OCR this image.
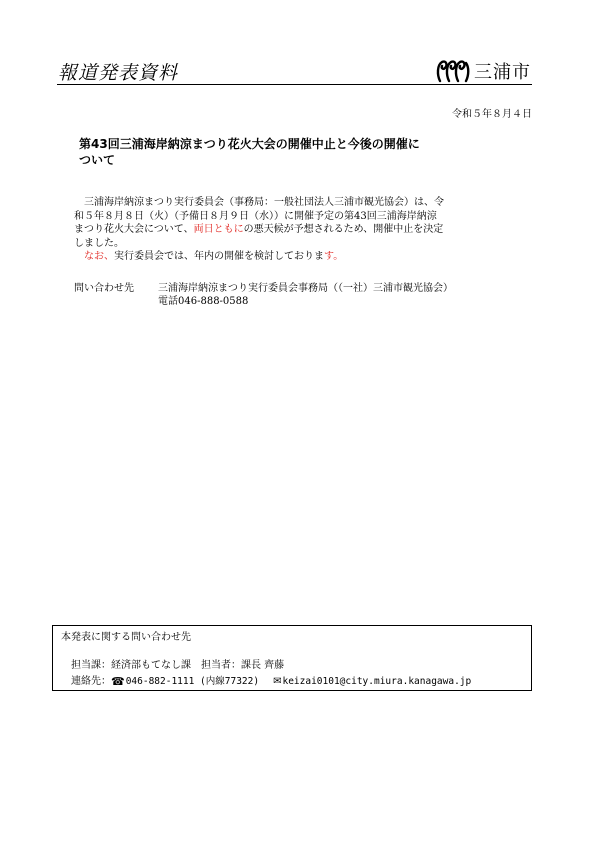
報道発表資料	三浦市
令和５年８月４日
第43回三浦海岸納涼まつり花火大会の開催中止と今後の開催に
ついて

三浦海岸納涼まつり実行委員会（事務局：一般社団法人三浦市観光協会）は、令

和５年８月８日（火）（予備日８月９日（水））に開催予定の第43回三浦海岸納涼

まつり花火大会について、両日ともにの悪天候が予想されるため、開催中止を決定

しました。

なお、実行委員会では、年内の開催を検討しております。

問い合わせ先	三浦海岸納涼まつり実行委員会事務局（（一社）三浦市観光協会）
電話046-888-0588
本発表に関する問い合わせ先
担当課： 経済部もてなし課 担当者： 課長 齊藤
連絡先： ☎ 046-882-1111 (内線77322) ✉ keizai0101@city.miura.kanagawa.jp
